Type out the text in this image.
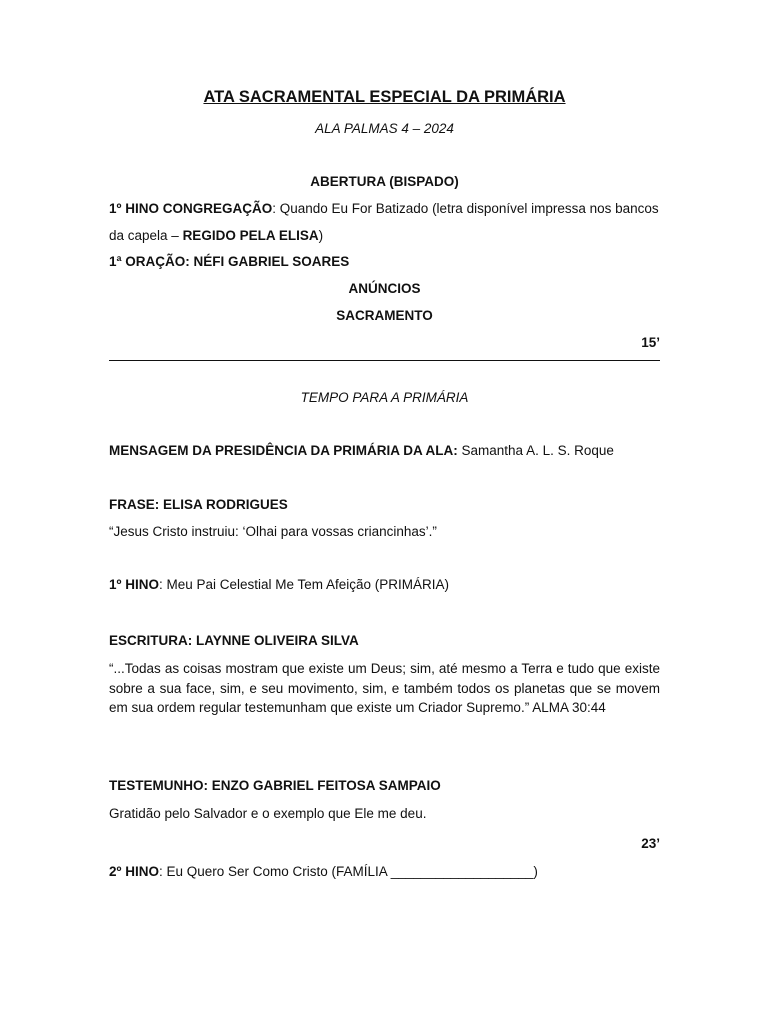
ATA SACRAMENTAL ESPECIAL DA PRIMÁRIA
ALA PALMAS 4 – 2024
ABERTURA (BISPADO)
1º HINO CONGREGAÇÃO: Quando Eu For Batizado (letra disponível impressa nos bancos
da capela – REGIDO PELA ELISA)
1ª ORAÇÃO: NÉFI GABRIEL SOARES
ANÚNCIOS
SACRAMENTO
15’
TEMPO PARA A PRIMÁRIA
MENSAGEM DA PRESIDÊNCIA DA PRIMÁRIA DA ALA: Samantha A. L. S. Roque
FRASE: ELISA RODRIGUES
“Jesus Cristo instruiu: ‘Olhai para vossas criancinhas’.”
1º HINO: Meu Pai Celestial Me Tem Afeição (PRIMÁRIA)
ESCRITURA: LAYNNE OLIVEIRA SILVA
“...Todas as coisas mostram que existe um Deus; sim, até mesmo a Terra e tudo que existe sobre a sua face, sim, e seu movimento, sim, e também todos os planetas que se movem em sua ordem regular testemunham que existe um Criador Supremo.” ALMA 30:44
TESTEMUNHO: ENZO GABRIEL FEITOSA SAMPAIO
Gratidão pelo Salvador e o exemplo que Ele me deu.
23’
2º HINO: Eu Quero Ser Como Cristo (FAMÍLIA ___________________)
